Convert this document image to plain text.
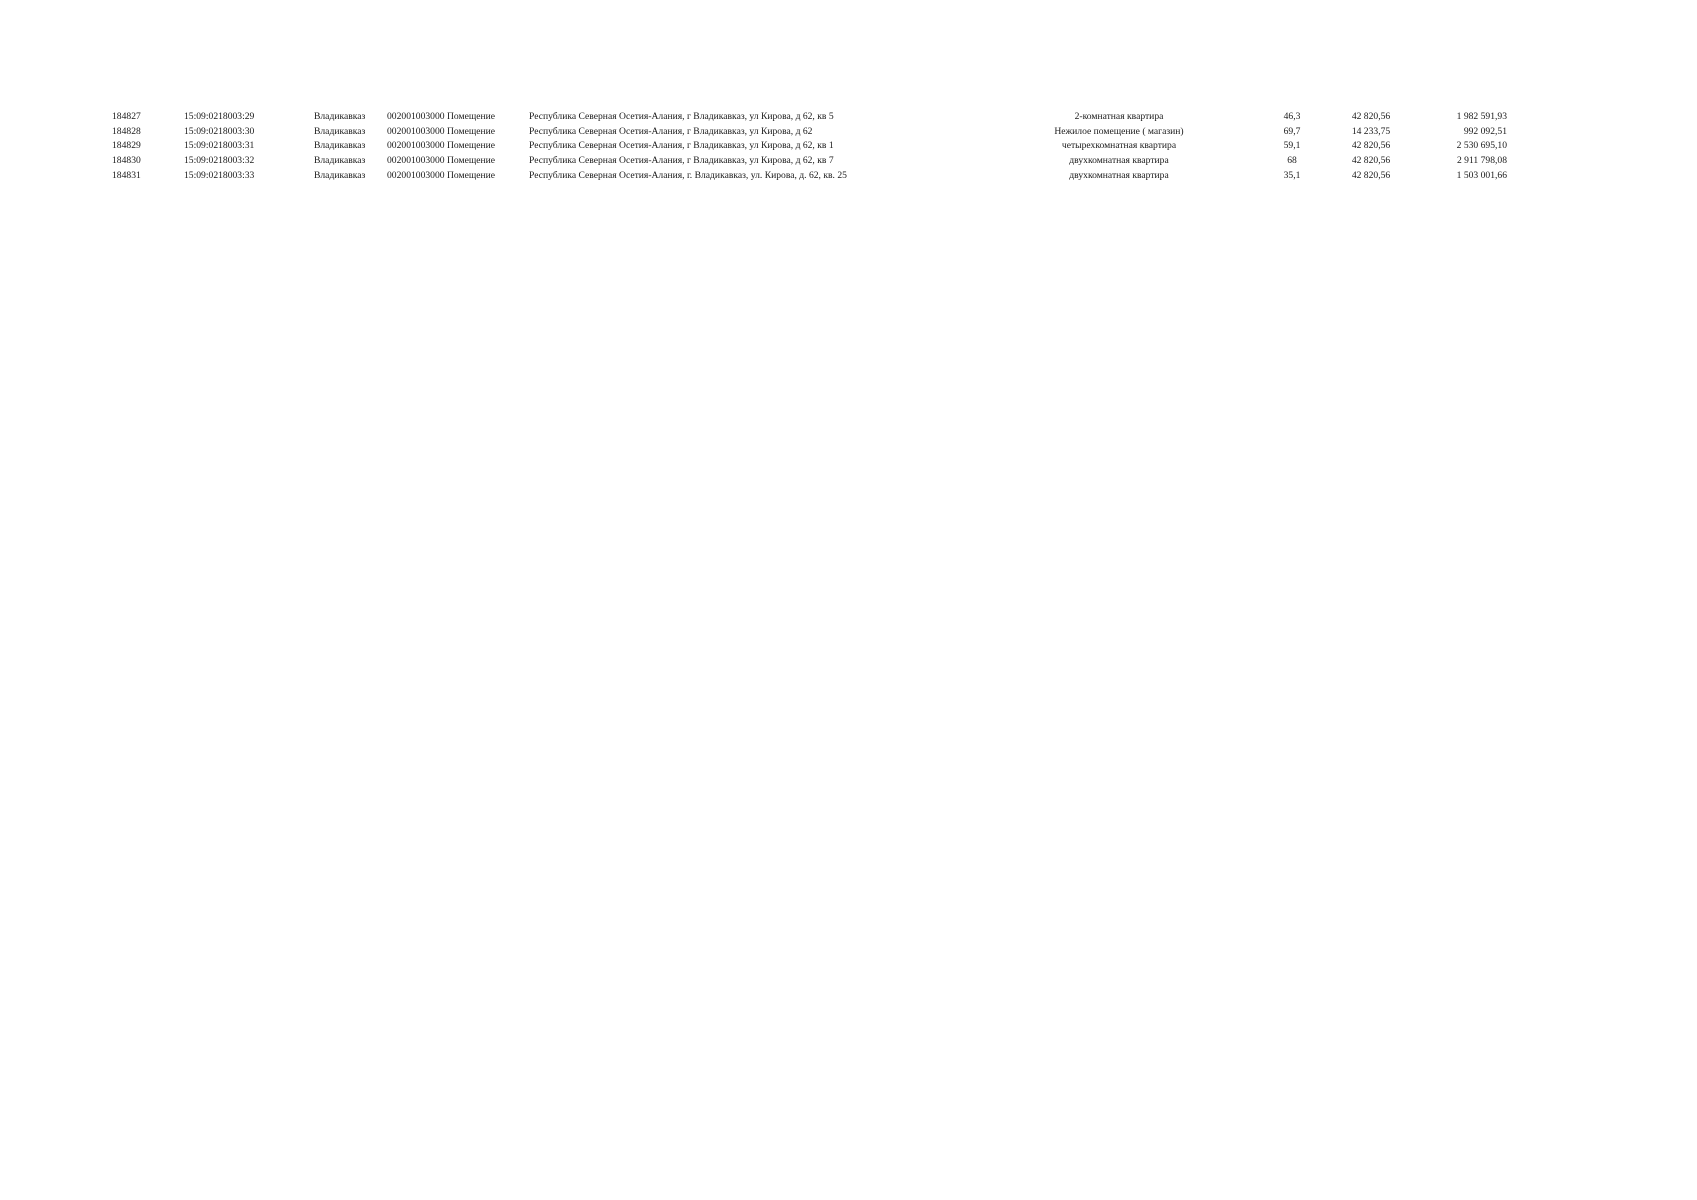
184827	15:09:0218003:29	Владикавказ	002001003000 Помещение	Республика Северная Осетия-Алания, г Владикавказ, ул Кирова, д 62, кв 5	2-комнатная квартира	46,3	42 820,56	1 982 591,93
184828	15:09:0218003:30	Владикавказ	002001003000 Помещение	Республика Северная Осетия-Алания, г Владикавказ, ул Кирова, д 62	Нежилое помещение ( магазин)	69,7	14 233,75	992 092,51
184829	15:09:0218003:31	Владикавказ	002001003000 Помещение	Республика Северная Осетия-Алания, г Владикавказ, ул Кирова, д 62, кв 1	четырехкомнатная квартира	59,1	42 820,56	2 530 695,10
184830	15:09:0218003:32	Владикавказ	002001003000 Помещение	Республика Северная Осетия-Алания, г Владикавказ, ул Кирова, д 62, кв 7	двухкомнатная квартира	68	42 820,56	2 911 798,08
184831	15:09:0218003:33	Владикавказ	002001003000 Помещение	Республика Северная Осетия-Алания, г. Владикавказ, ул. Кирова, д. 62, кв. 25	двухкомнатная квартира	35,1	42 820,56	1 503 001,66
